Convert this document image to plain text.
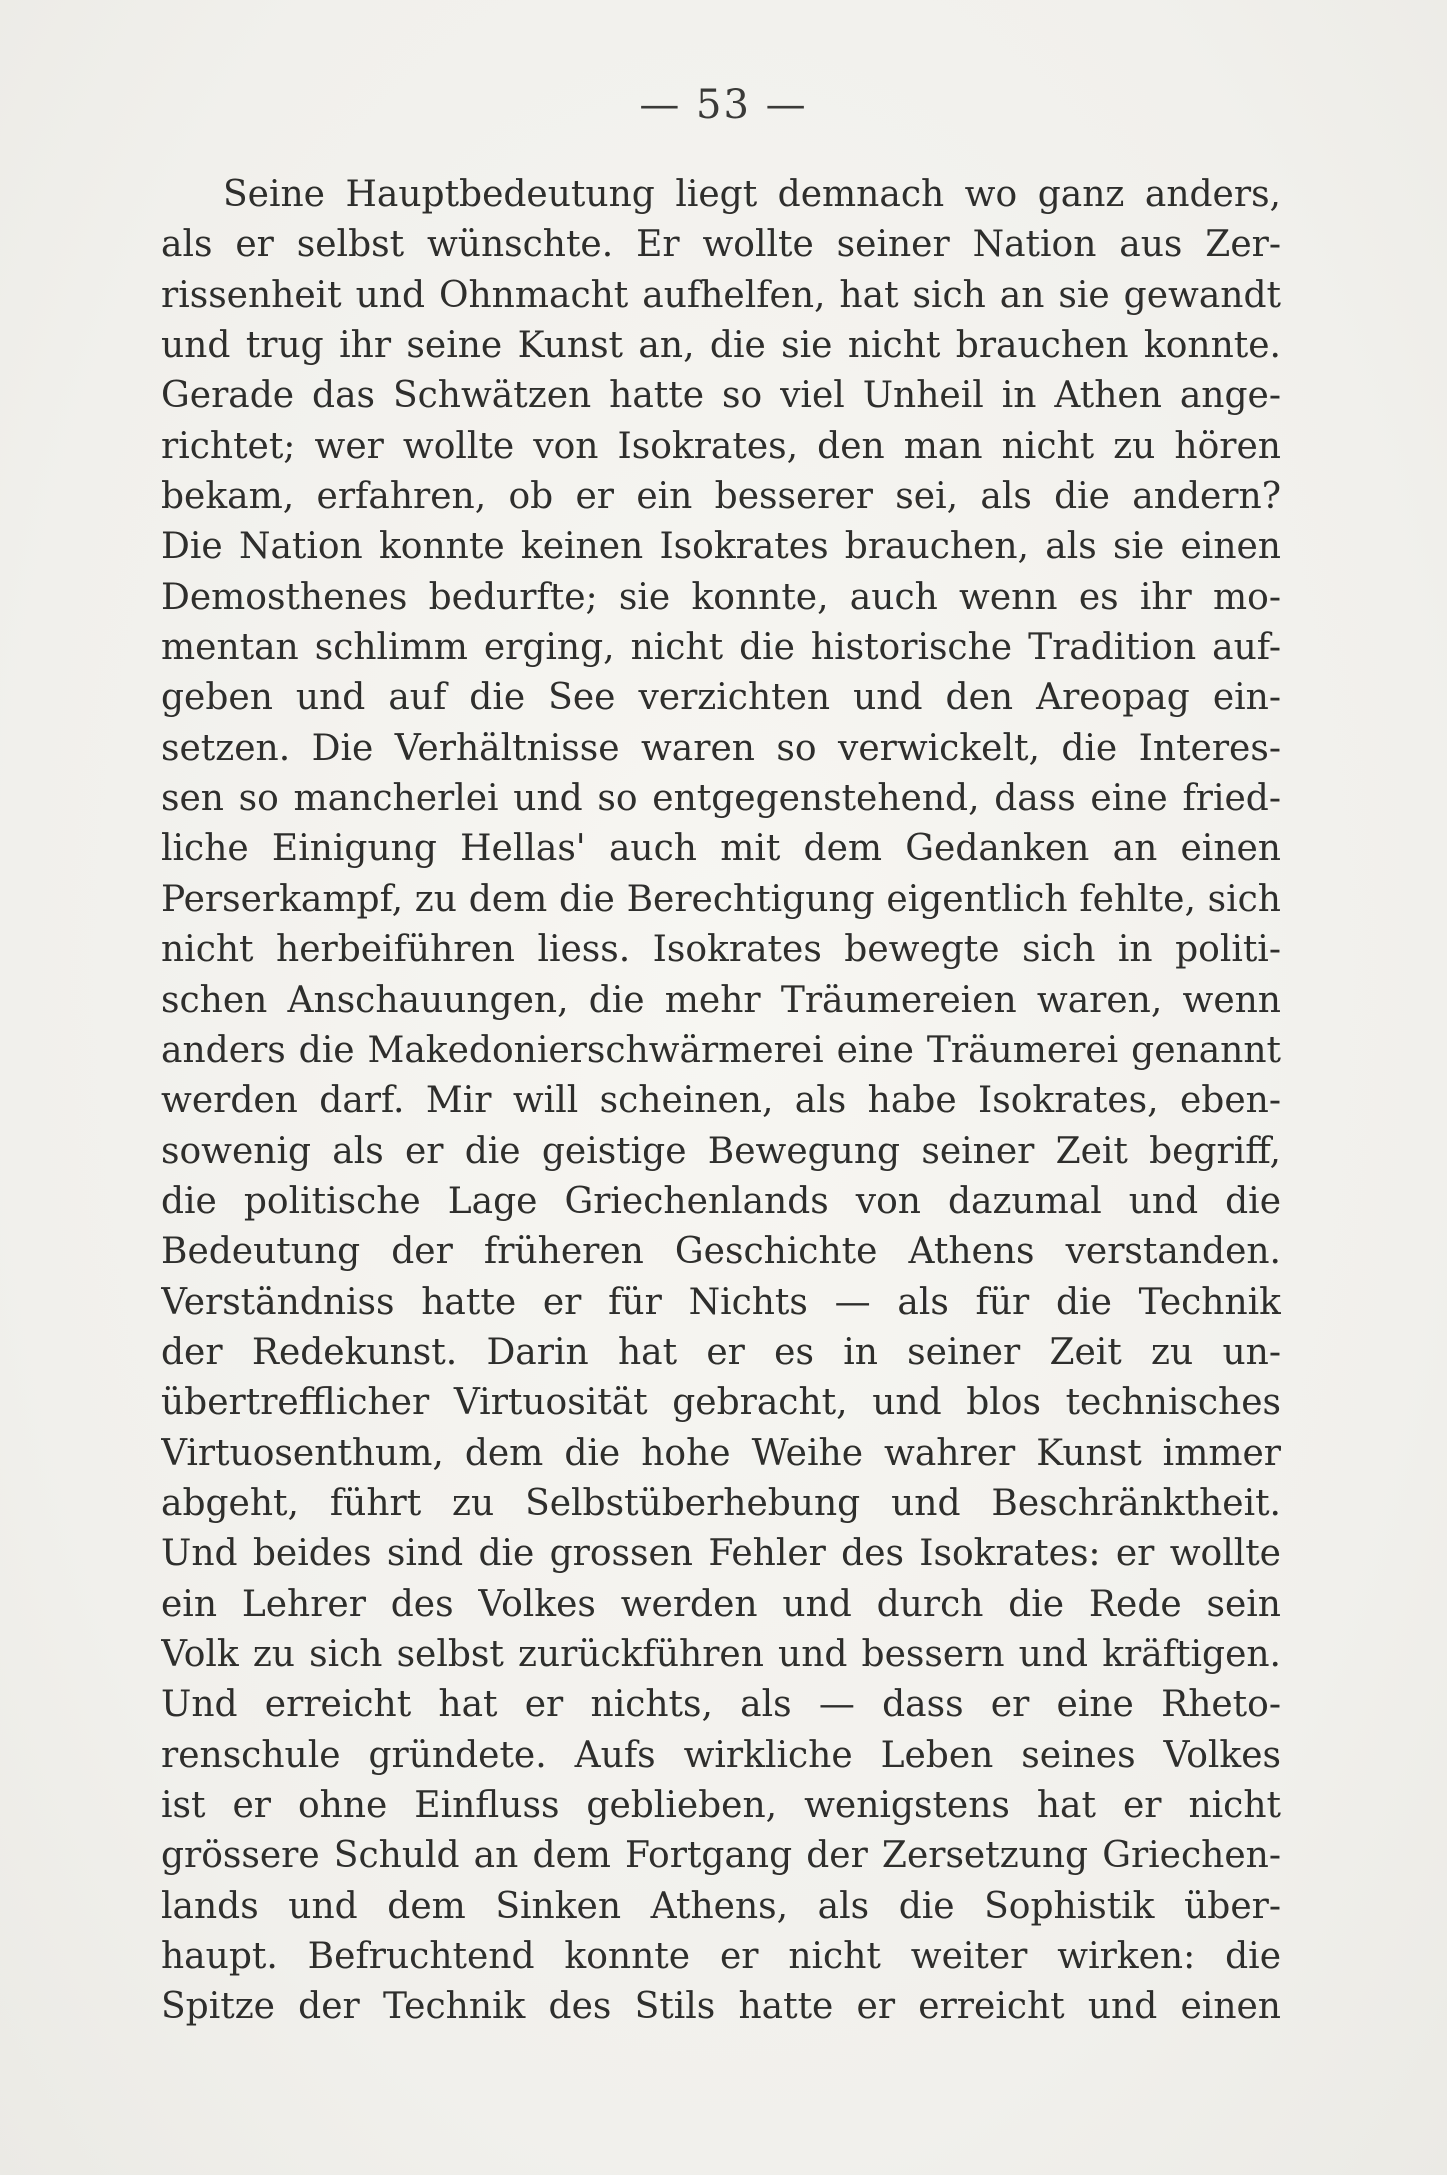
— 53 —
Seine Hauptbedeutung liegt demnach wo ganz anders,
als er selbst wünschte. Er wollte seiner Nation aus Zer-
rissenheit und Ohnmacht aufhelfen, hat sich an sie gewandt
und trug ihr seine Kunst an, die sie nicht brauchen konnte.
Gerade das Schwätzen hatte so viel Unheil in Athen ange-
richtet; wer wollte von Isokrates, den man nicht zu hören
bekam, erfahren, ob er ein besserer sei, als die andern?
Die Nation konnte keinen Isokrates brauchen, als sie einen
Demosthenes bedurfte; sie konnte, auch wenn es ihr mo-
mentan schlimm erging, nicht die historische Tradition auf-
geben und auf die See verzichten und den Areopag ein-
setzen. Die Verhältnisse waren so verwickelt, die Interes-
sen so mancherlei und so entgegenstehend, dass eine fried-
liche Einigung Hellas' auch mit dem Gedanken an einen
Perserkampf, zu dem die Berechtigung eigentlich fehlte, sich
nicht herbeiführen liess. Isokrates bewegte sich in politi-
schen Anschauungen, die mehr Träumereien waren, wenn
anders die Makedonierschwärmerei eine Träumerei genannt
werden darf. Mir will scheinen, als habe Isokrates, eben-
sowenig als er die geistige Bewegung seiner Zeit begriff,
die politische Lage Griechenlands von dazumal und die
Bedeutung der früheren Geschichte Athens verstanden.
Verständniss hatte er für Nichts — als für die Technik
der Redekunst. Darin hat er es in seiner Zeit zu un-
übertrefflicher Virtuosität gebracht, und blos technisches
Virtuosenthum, dem die hohe Weihe wahrer Kunst immer
abgeht, führt zu Selbstüberhebung und Beschränktheit.
Und beides sind die grossen Fehler des Isokrates: er wollte
ein Lehrer des Volkes werden und durch die Rede sein
Volk zu sich selbst zurückführen und bessern und kräftigen.
Und erreicht hat er nichts, als — dass er eine Rheto-
renschule gründete. Aufs wirkliche Leben seines Volkes
ist er ohne Einfluss geblieben, wenigstens hat er nicht
grössere Schuld an dem Fortgang der Zersetzung Griechen-
lands und dem Sinken Athens, als die Sophistik über-
haupt. Befruchtend konnte er nicht weiter wirken: die
Spitze der Technik des Stils hatte er erreicht und einen
